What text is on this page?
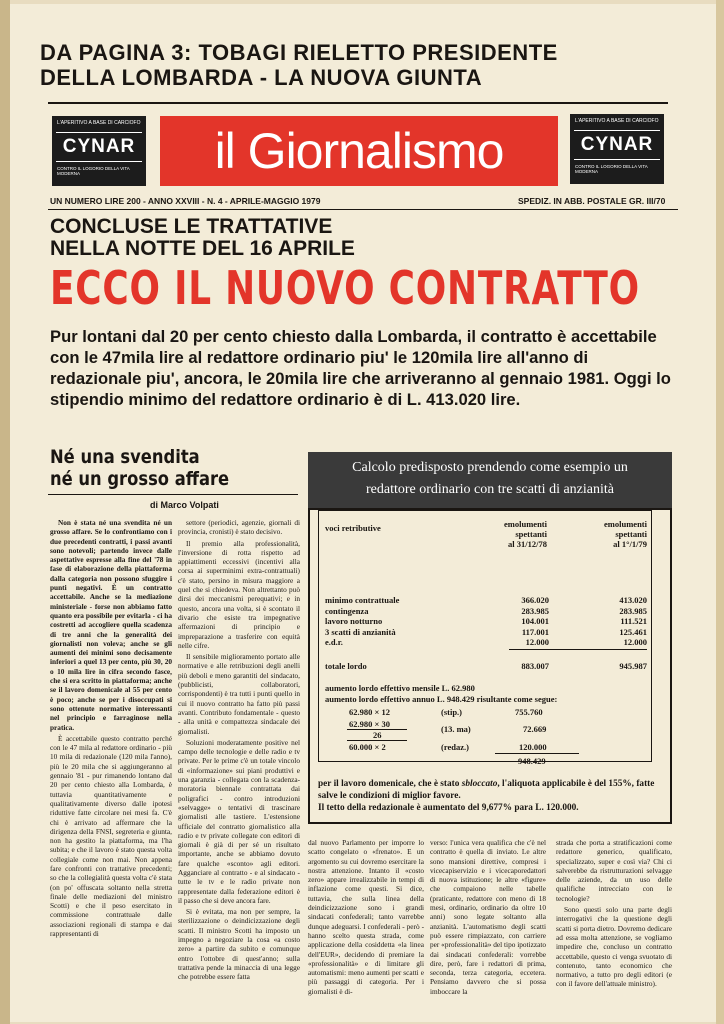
DA PAGINA 3: TOBAGI RIELETTO PRESIDENTE
DELLA LOMBARDA - LA NUOVA GIUNTA
L'APERITIVO A BASE DI CARCIOFO
CYNAR
CONTRO IL LOGORIO DELLA VITA MODERNA	il Giornalismo
L'APERITIVO A BASE DI CARCIOFO
CYNAR
CONTRO IL LOGORIO DELLA VITA MODERNA
UN NUMERO LIRE 200 - ANNO XXVIII - N. 4 - APRILE-MAGGIO 1979	SPEDIZ. IN ABB. POSTALE GR. III/70
CONCLUSE LE TRATTATIVE
NELLA NOTTE DEL 16 APRILE
ECCO IL NUOVO CONTRATTO
Pur lontani dal 20 per cento chiesto dalla Lombarda, il contratto è accettabile con le 47mila lire al redattore ordinario piu' le 120mila lire all'anno di redazionale piu', ancora, le 20mila lire che arriveranno al gennaio 1981. Oggi lo stipendio minimo del redattore ordinario è di L. 413.020 lire.
Né una svendita
né un grosso affare
di Marco Volpati

Non è stata né una svendita né un grosso affare. Se lo confrontiamo con i due precedenti contratti, i passi avanti sono notevoli; partendo invece dalle aspettative espresse alla fine del '78 in fase di elaborazione della piattaforma dalla categoria non possono sfuggire i punti negativi. È un contratto accettabile. Anche se la mediazione ministeriale - forse non abbiamo fatto quanto era possibile per evitarla - ci ha costretti ad accogliere quella scadenza di tre anni che la generalità dei giornalisti non voleva; anche se gli aumenti dei minimi sono decisamente inferiori a quel 13 per cento, più 30, 20 o 10 mila lire in cifra secondo fasce, che si era scritto in piattaforma; anche se il lavoro domenicale al 55 per cento è poco; anche se per i disoccupati si sono ottenute normative interessanti nel principio e farraginose nella pratica.

È accettabile questo contratto perché con le 47 mila al redattore ordinario - più 10 mila di redazionale (120 mila l'anno), più le 20 mila che si aggiungeranno al gennaio '81 - pur rimanendo lontano dal 20 per cento chiesto alla Lombarda, è tuttavia quantitativamente e qualitativamente diverso dalle ipotesi riduttive fatte circolare nei mesi fa. C'è chi è arrivato ad affermare che la dirigenza della FNSI, segreteria e giunta, non ha gestito la piattaforma, ma l'ha subita; e che il lavoro è stato questa volta collegiale come non mai. Non appena fare confronti con trattative precedenti; so che la collegialità questa volta c'è stata (on po' offuscata soltanto nella stretta finale delle mediazioni del ministro Scotti) e che il peso esercitato in commissione contrattuale dalle associazioni regionali di stampa e dai rappresentanti di

settore (periodici, agenzie, giornali di provincia, cronisti) è stato decisivo.

Il premio alla professionalità, l'inversione di rotta rispetto ad appiattimenti eccessivi (incentivi alla corsa ai superminimi extra-contrattuali) c'è stato, persino in misura maggiore a quel che si chiedeva. Non altrettanto può dirsi dei meccanismi perequativi; e in questo, ancora una volta, si è scontato il divario che esiste tra impegnative affermazioni di principio e impreparazione a trasferire con equità nelle cifre.

Il sensibile miglioramento portato alle normative e alle retribuzioni degli anelli più deboli e meno garantiti del sindacato, (pubblicisti, collaboratori, corrispondenti) è tra tutti i punti quello in cui il nuovo contratto ha fatto più passi avanti. Contributo fondamentale - questo - alla unità e compattezza sindacale dei giornalisti.

Soluzioni moderatamente positive nel campo delle tecnologie e delle radio e tv private. Per le prime c'è un totale vincolo di «informazione» sui piani produttivi e una garanzia - collegata con la scadenza-moratoria biennale contrattata dai poligrafici - contro introduzioni «selvagge» o tentativi di trascinare giornalisti alle tastiere. L'estensione ufficiale del contratto giornalistico alla radio e tv private collegate con editori di giornali è già di per sé un risultato importante, anche se abbiamo dovuto fare qualche «sconto» agli editori. Agganciare al contratto - e al sindacato - tutte le tv e le radio private non rappresentate dalla federazione editori è il passo che si deve ancora fare.

Si è evitata, ma non per sempre, la sterilizzazione o deindicizzazione degli scatti. Il ministro Scotti ha imposto un impegno a negoziare la cosa «a costo zero» a partire da subito e comunque entro l'ottobre di quest'anno; sulla trattativa pende la minaccia di una legge che potrebbe essere fatta

Calcolo predisposto prendendo come esempio un
redattore ordinario con tre scatti di anzianità
voci retributive	emolumenti
spettanti
al 31/12/78
emolumenti
spettanti
al 1°/1/79
minimo contrattuale	366.020	413.020
contingenza	283.985	283.985
lavoro notturno	104.001	111.521
3 scatti di anzianità	117.001	125.461
e.d.r.	12.000	12.000
totale lordo	883.007	945.987
aumento lordo effettivo mensile L. 62.980
aumento lordo effettivo annuo L. 948.429 risultante come segue:
62.980 × 12	(stip.)	755.760
62.980 × 30	(13. ma)	72.669
26
60.000 × 2	(redaz.)	120.000
948.429
per il lavoro domenicale, che è stato sbloccato, l'aliquota applicabile è del 155%, fatte salve le condizioni di miglior favore.
Il tetto della redazionale è aumentato del 9,677% para L. 120.000.

dal nuovo Parlamento per imporre lo scatto congelato o «frenato». E un argomento su cui dovremo esercitare la nostra attenzione. Intanto il «costo zero» appare irrealizzabile in tempi di inflazione come questi. Si dice, tuttavia, che sulla linea della deindicizzazione sono i grandi sindacati confederali; tanto varrebbe dunque adeguarsi. I confederali - però - hanno scelto questa strada, come applicazione della cosiddetta «la linea dell'EUR», decidendo di premiare la «professionalità» e di limitare gli automatismi: meno aumenti per scatti e più passaggi di categoria. Per i giornalisti è di-

verso: l'unica vera qualifica che c'è nel contratto è quella di inviato. Le altre sono mansioni direttive, compresi i vicecapiservizio e i vicecaporedattori di nuova istituzione; le altre «figure» che compaiono nelle tabelle (praticante, redattore con meno di 18 mesi, ordinario, ordinario da oltre 10 anni) sono legate soltanto alla anzianità. L'automatismo degli scatti può essere rimpiazzato, con carriere per «professionalità» del tipo ipotizzato dai sindacati confederali: vorrebbe dire, però, fare i redattori di prima, seconda, terza categoria, eccetera. Pensiamo davvero che si possa imboccare la

strada che porta a stratificazioni come redattore generico, qualificato, specializzato, super e così via? Chi ci salverebbe da ristrutturazioni selvagge delle aziende, da un uso delle qualifiche intrecciato con le tecnologie?

Sono questi solo una parte degli interrogativi che la questione degli scatti si porta dietro. Dovremo dedicare ad essa molta attenzione, se vogliamo impedire che, concluso un contratto accettabile, questo ci venga svuotato di contenuto, tanto economico che normativo, a tutto pro degli editori (e con il favore dell'attuale ministro).
